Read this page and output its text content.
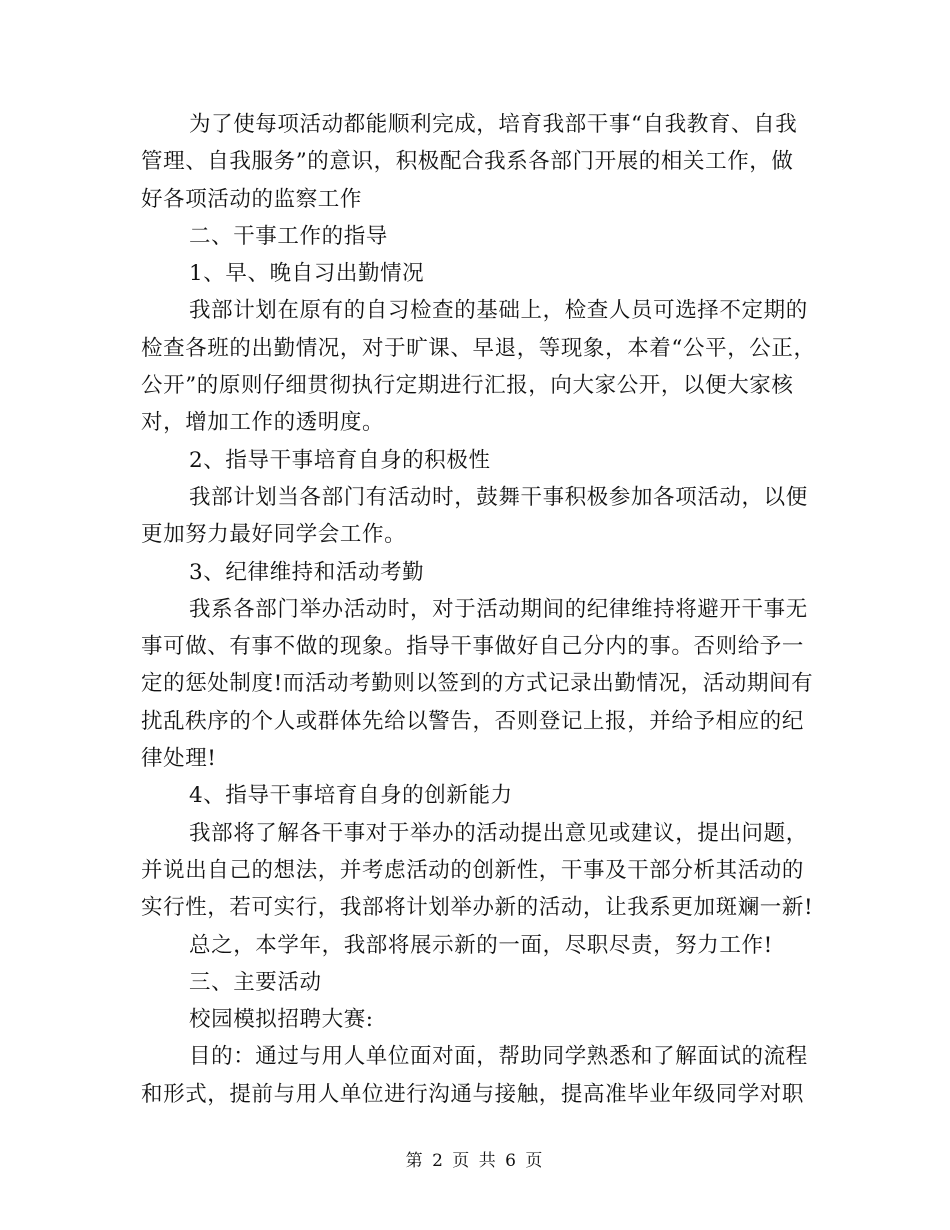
为了使每项活动都能顺利完成，培育我部干事“自我教育、自我
管理、自我服务”的意识，积极配合我系各部门开展的相关工作，做
好各项活动的监察工作
二、干事工作的指导
1、早、晚自习出勤情况
我部计划在原有的自习检查的基础上，检查人员可选择不定期的
检查各班的出勤情况，对于旷课、早退，等现象，本着“公平，公正，
公开”的原则仔细贯彻执行定期进行汇报，向大家公开，以便大家核
对，增加工作的透明度。
2、指导干事培育自身的积极性
我部计划当各部门有活动时，鼓舞干事积极参加各项活动，以便
更加努力最好同学会工作。
3、纪律维持和活动考勤
我系各部门举办活动时，对于活动期间的纪律维持将避开干事无
事可做、有事不做的现象。指导干事做好自己分内的事。否则给予一
定的惩处制度!而活动考勤则以签到的方式记录出勤情况，活动期间有
扰乱秩序的个人或群体先给以警告，否则登记上报，并给予相应的纪
律处理!
4、指导干事培育自身的创新能力
我部将了解各干事对于举办的活动提出意见或建议，提出问题，
并说出自己的想法，并考虑活动的创新性，干事及干部分析其活动的
实行性，若可实行，我部将计划举办新的活动，让我系更加斑斓一新!
总之，本学年，我部将展示新的一面，尽职尽责，努力工作!
三、主要活动
校园模拟招聘大赛:
目的：通过与用人单位面对面，帮助同学熟悉和了解面试的流程
和形式，提前与用人单位进行沟通与接触，提高准毕业年级同学对职
第 2 页 共 6 页
